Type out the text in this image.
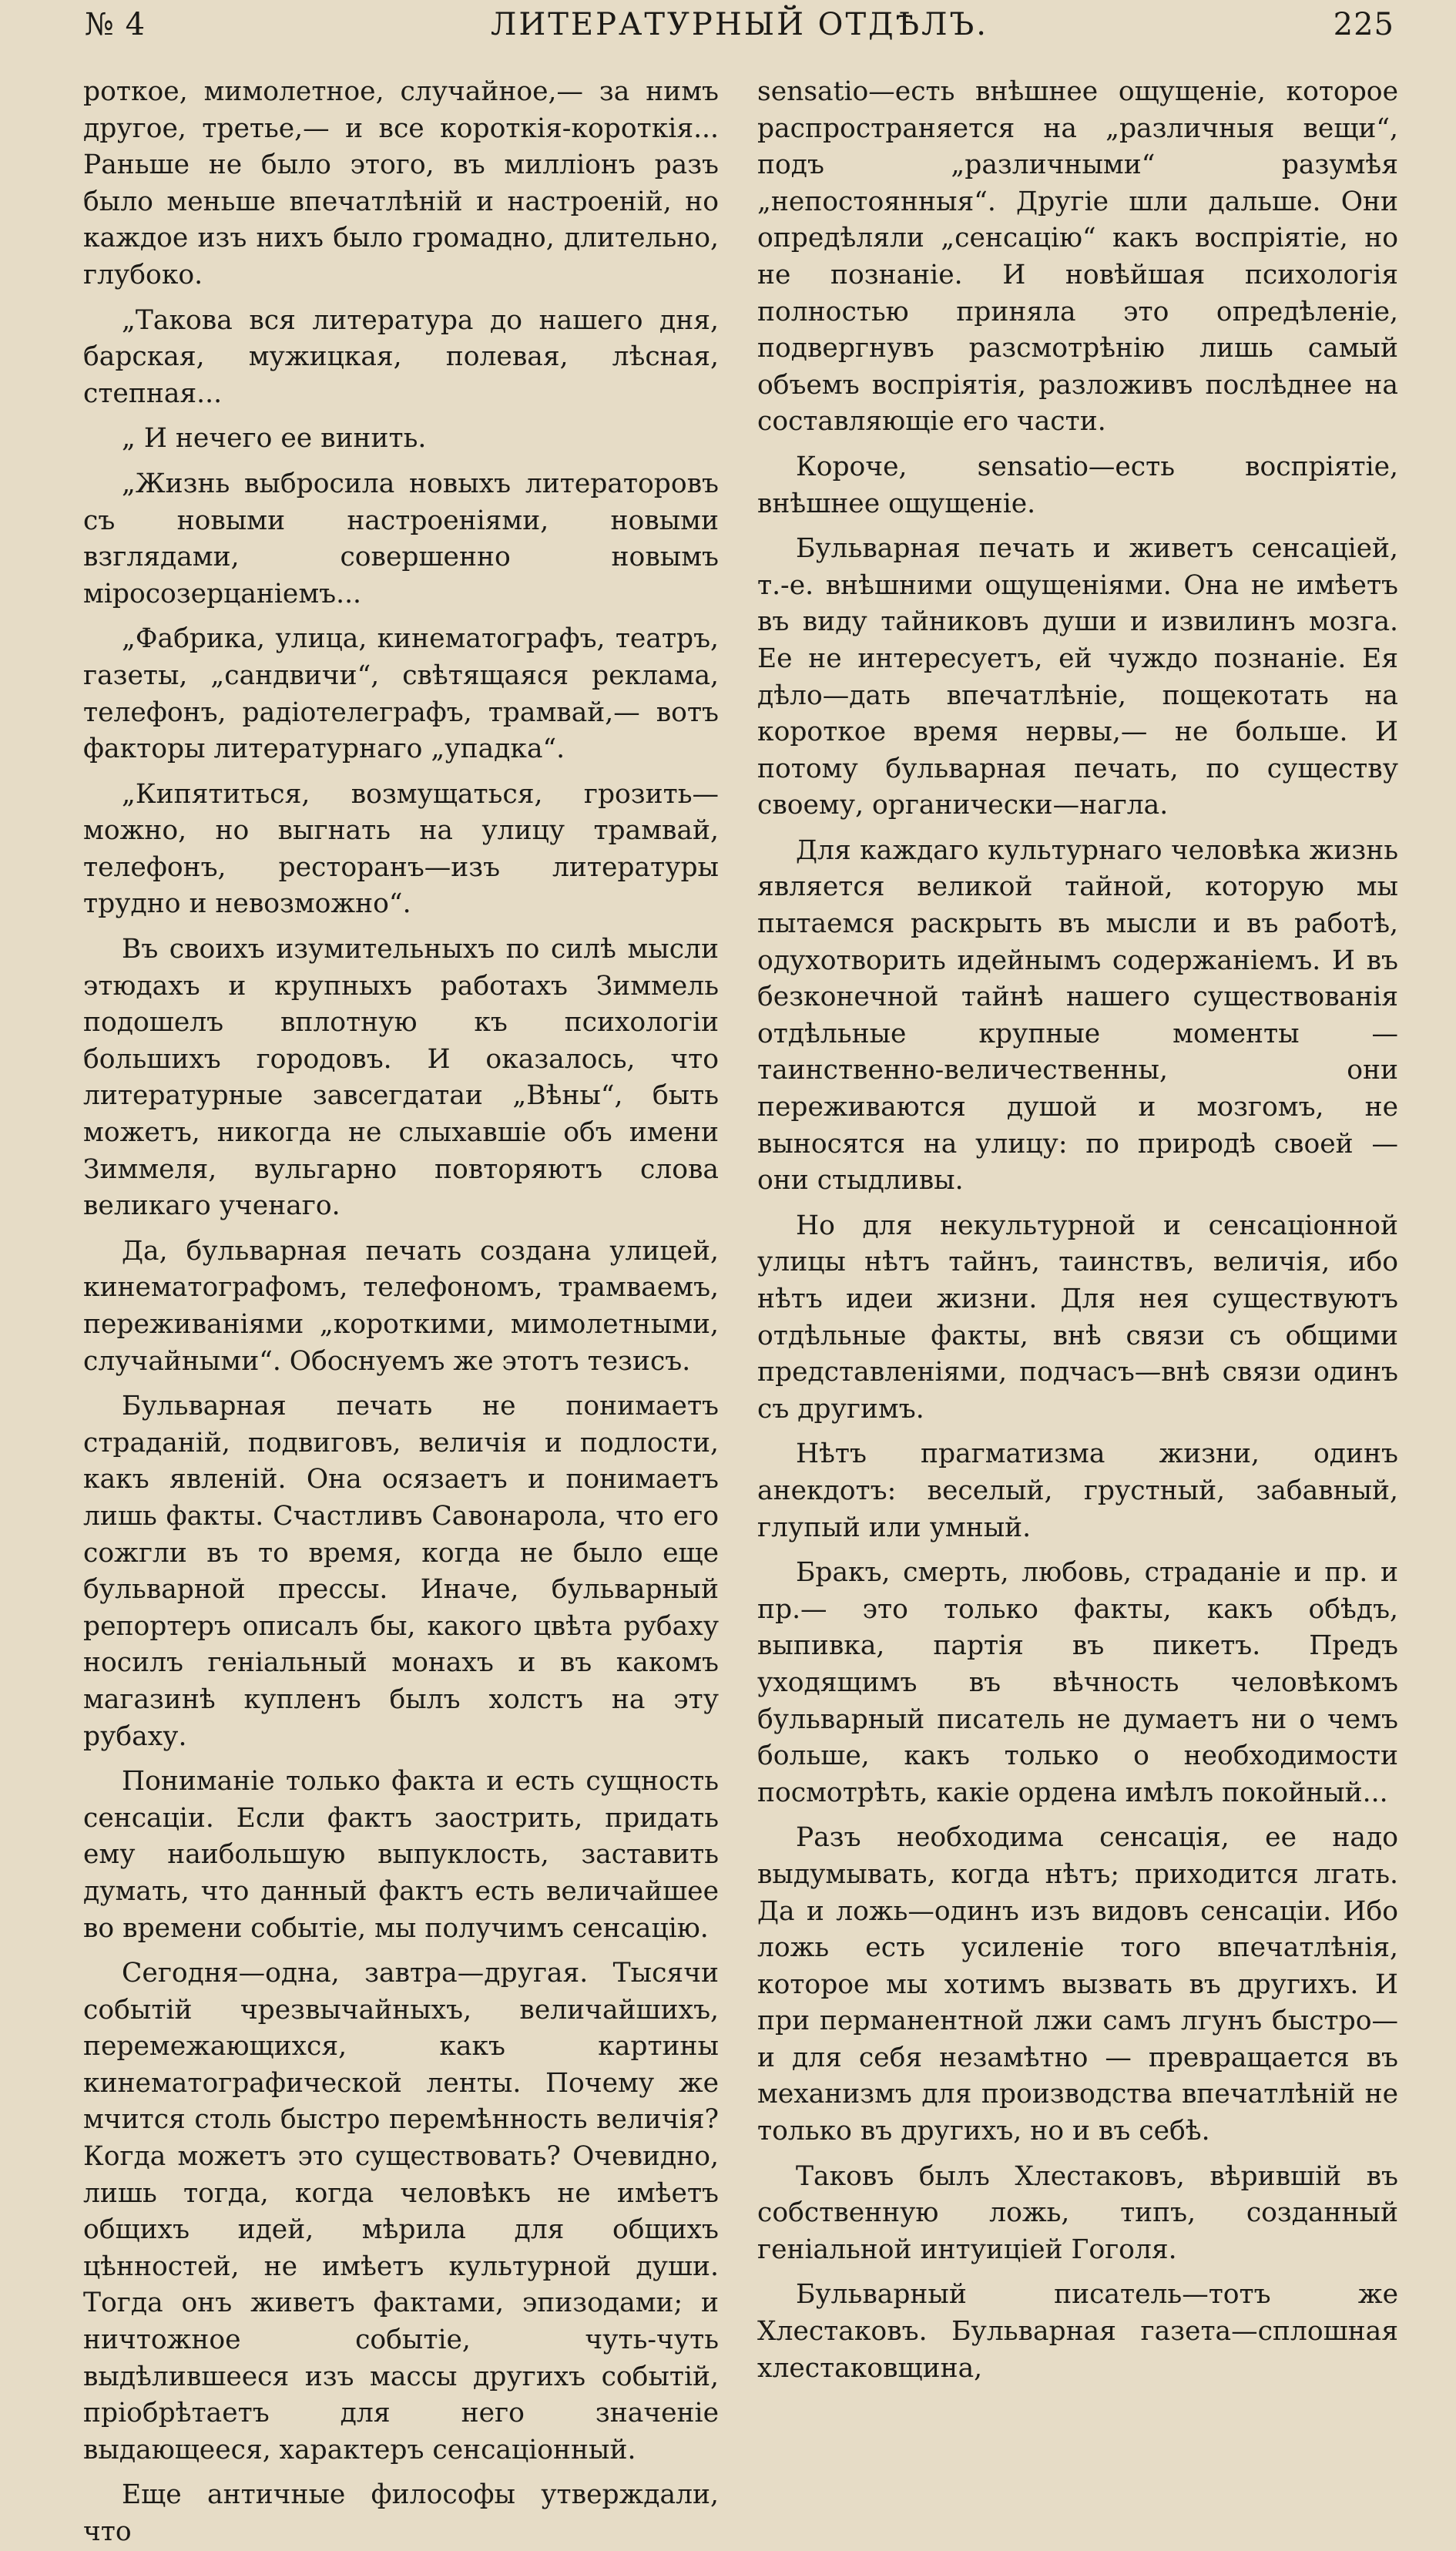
№ 4	ЛИТЕРАТУРНЫЙ ОТДѢЛЪ.	225

роткое, мимолетное, случайное,— за нимъ другое, третье,— и все короткія-короткія... Раньше не было этого, въ милліонъ разъ было меньше впечатлѣній и настроеній, но каждое изъ нихъ было громадно, длительно, глубоко.

„Такова вся литература до нашего дня, барская, мужицкая, полевая, лѣсная, степная...

„ И нечего ее винить.

„Жизнь выбросила новыхъ литераторовъ съ новыми настроеніями, новыми взглядами, совершенно новымъ міросозерцаніемъ...

„Фабрика, улица, кинематографъ, театръ, газеты, „сандвичи“, свѣтящаяся реклама, телефонъ, радіотелеграфъ, трамвай,— вотъ факторы литературнаго „упадка“.

„Кипятиться, возмущаться, грозить—можно, но выгнать на улицу трамвай, телефонъ, ресторанъ—изъ литературы трудно и невозможно“.

Въ своихъ изумительныхъ по силѣ мысли этюдахъ и крупныхъ работахъ Зиммель подошелъ вплотную къ психологіи большихъ городовъ. И оказалось, что литературные завсегдатаи „Вѣны“, быть можетъ, никогда не слыхавшіе объ имени Зиммеля, вульгарно повторяютъ слова великаго ученаго.

Да, бульварная печать создана улицей, кинематографомъ, телефономъ, трамваемъ, переживаніями „короткими, мимолетными, случайными“. Обоснуемъ же этотъ тезисъ.

Бульварная печать не понимаетъ страданій, подвиговъ, величія и подлости, какъ явленій. Она осязаетъ и понимаетъ лишь факты. Счастливъ Савонарола, что его сожгли въ то время, когда не было еще бульварной прессы. Иначе, бульварный репортеръ описалъ бы, какого цвѣта рубаху носилъ геніальный монахъ и въ какомъ магазинѣ купленъ былъ холстъ на эту рубаху.

Пониманіе только факта и есть сущность сенсаціи. Если фактъ заострить, придать ему наибольшую выпуклость, заставить думать, что данный фактъ есть величайшее во времени событіе, мы получимъ сенсацію.

Сегодня—одна, завтра—другая. Тысячи событій чрезвычайныхъ, величайшихъ, перемежающихся, какъ картины кинематографической ленты. Почему же мчится столь быстро перемѣнность величія? Когда можетъ это существовать? Очевидно, лишь тогда, когда человѣкъ не имѣетъ общихъ идей, мѣрила для общихъ цѣнностей, не имѣетъ культурной души. Тогда онъ живетъ фактами, эпизодами; и ничтожное событіе, чуть-чуть выдѣлившееся изъ массы другихъ событій, пріобрѣтаетъ для него значеніе выдающееся, характеръ сенсаціонный.

Еще античные философы утверждали, что

sensatio—есть внѣшнее ощущеніе, которое распространяется на „различныя вещи“, подъ „различными“ разумѣя „непостоянныя“. Другіе шли дальше. Они опредѣляли „сенсацію“ какъ воспріятіе, но не познаніе. И новѣйшая психологія полностью приняла это опредѣленіе, подвергнувъ разсмотрѣнію лишь самый объемъ воспріятія, разложивъ послѣднее на составляющіе его части.

Короче, sensatio—есть воспріятіе, внѣшнее ощущеніе.

Бульварная печать и живетъ сенсаціей, т.-е. внѣшними ощущеніями. Она не имѣетъ въ виду тайниковъ души и извилинъ мозга. Ее не интересуетъ, ей чуждо познаніе. Ея дѣло—дать впечатлѣніе, пощекотать на короткое время нервы,— не больше. И потому бульварная печать, по существу своему, органически—нагла.

Для каждаго культурнаго человѣка жизнь является великой тайной, которую мы пытаемся раскрыть въ мысли и въ работѣ, одухотворить идейнымъ содержаніемъ. И въ безконечной тайнѣ нашего существованія отдѣльные крупные моменты — таинственно-величественны, они переживаются душой и мозгомъ, не выносятся на улицу: по природѣ своей — они стыдливы.

Но для некультурной и сенсаціонной улицы нѣтъ тайнъ, таинствъ, величія, ибо нѣтъ идеи жизни. Для нея существуютъ отдѣльные факты, внѣ связи съ общими представленіями, подчасъ—внѣ связи одинъ съ другимъ.

Нѣтъ прагматизма жизни, одинъ анекдотъ: веселый, грустный, забавный, глупый или умный.

Бракъ, смерть, любовь, страданіе и пр. и пр.— это только факты, какъ обѣдъ, выпивка, партія въ пикетъ. Предъ уходящимъ въ вѣчность человѣкомъ бульварный писатель не думаетъ ни о чемъ больше, какъ только о необходимости посмотрѣть, какіе ордена имѣлъ покойный...

Разъ необходима сенсація, ее надо выдумывать, когда нѣтъ; приходится лгать. Да и ложь—одинъ изъ видовъ сенсаціи. Ибо ложь есть усиленіе того впечатлѣнія, которое мы хотимъ вызвать въ другихъ. И при перманентной лжи самъ лгунъ быстро—и для себя незамѣтно — превращается въ механизмъ для производства впечатлѣній не только въ другихъ, но и въ себѣ.

Таковъ былъ Хлестаковъ, вѣрившій въ собственную ложь, типъ, созданный геніальной интуиціей Гоголя.

Бульварный писатель—тотъ же Хлестаковъ. Бульварная газета—сплошная хлестаковщина,
